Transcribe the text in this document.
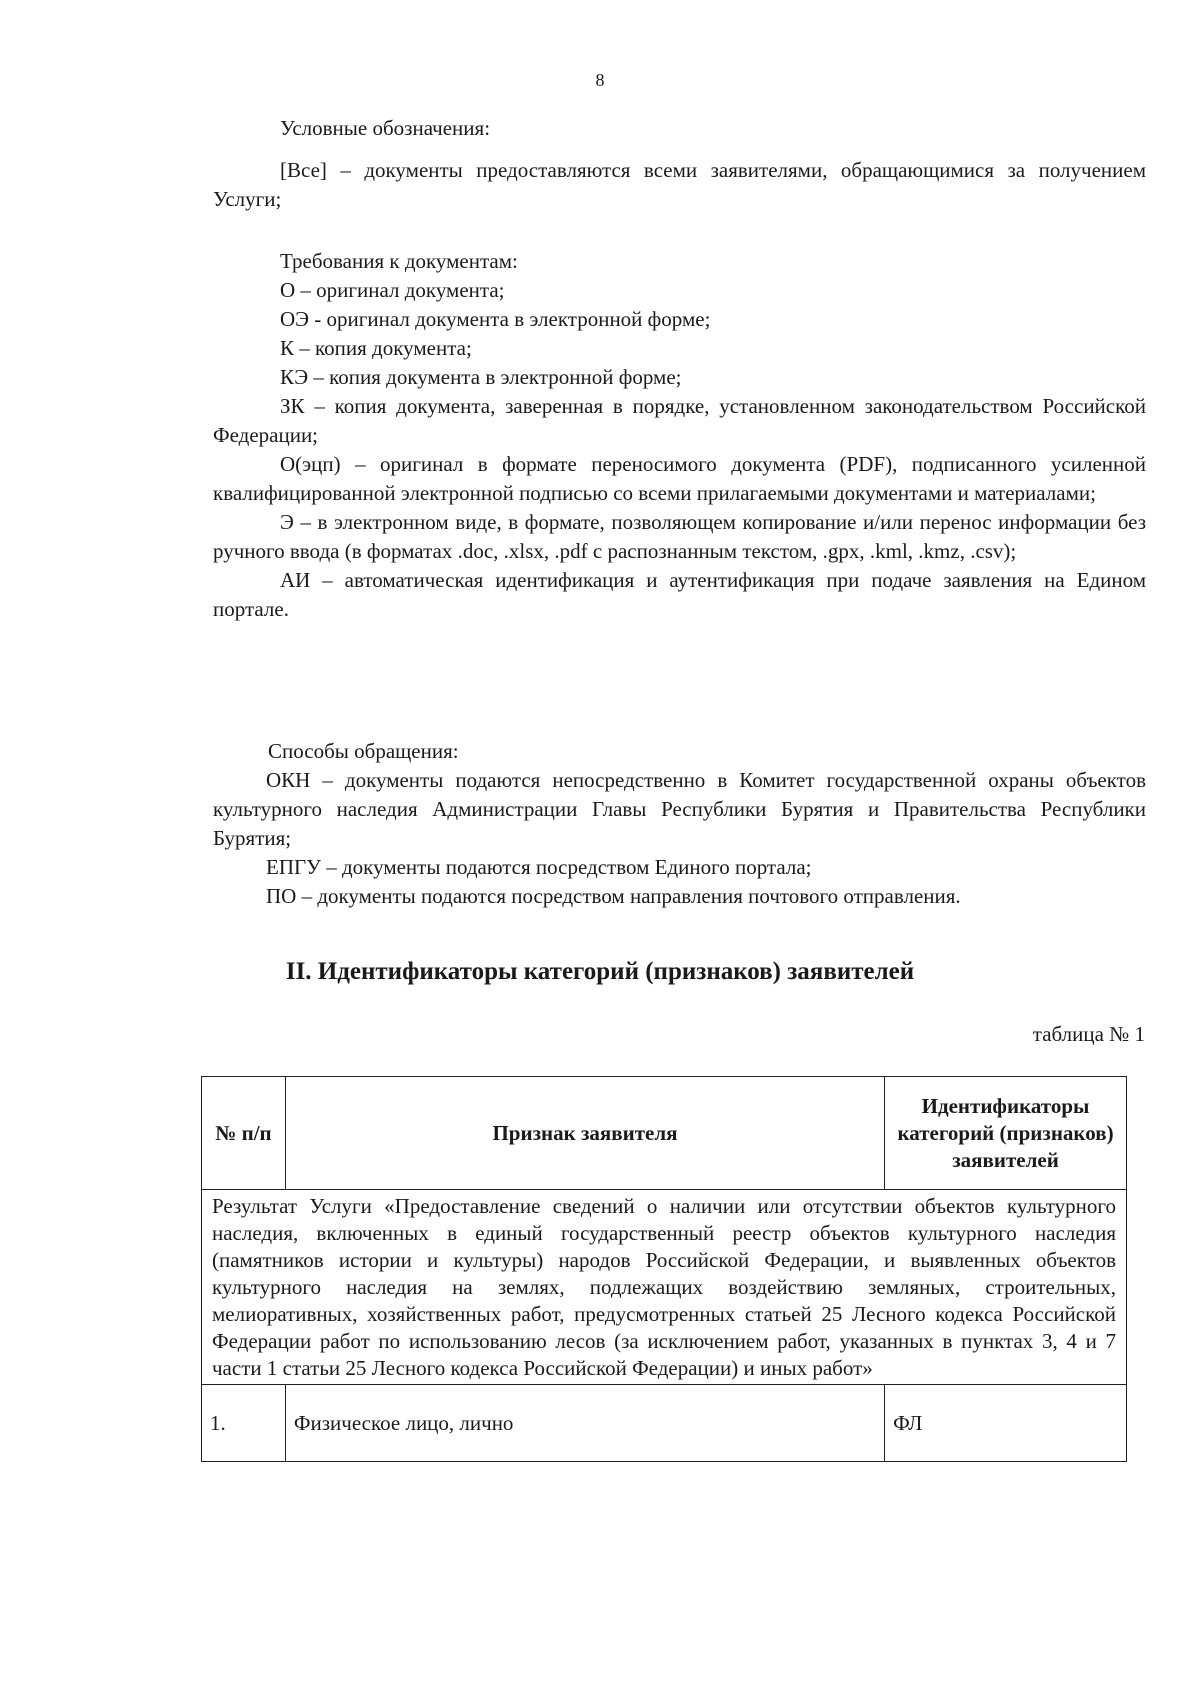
8

Условные обозначения:

[Все] – документы предоставляются всеми заявителями, обращающимися за получением Услуги;

Требования к документам:

О – оригинал документа;

ОЭ - оригинал документа в электронной форме;

К – копия документа;

КЭ – копия документа в электронной форме;

ЗК – копия документа, заверенная в порядке, установленном законодательством Российской Федерации;

О(эцп) – оригинал в формате переносимого документа (PDF), подписанного усиленной квалифицированной электронной подписью со всеми прилагаемыми документами и материалами;

Э – в электронном виде, в формате, позволяющем копирование и/или перенос информации без ручного ввода (в форматах .doc, .xlsx, .pdf с распознанным текстом, .gpx, .kml, .kmz, .csv);

АИ – автоматическая идентификация и аутентификация при подаче заявления на Едином портале.

Способы обращения:

ОКН – документы подаются непосредственно в Комитет государственной охраны объектов культурного наследия Администрации Главы Республики Бурятия и Правительства Республики Бурятия;

ЕПГУ – документы подаются посредством Единого портала;

ПО – документы подаются посредством направления почтового отправления.

II. Идентификаторы категорий (признаков) заявителей
таблица № 1
№ п/п	Признак заявителя	Идентификаторы категорий (признаков) заявителей
Результат Услуги «Предоставление сведений о наличии или отсутствии объектов культурного наследия, включенных в единый государственный реестр объектов культурного наследия (памятников истории и культуры) народов Российской Федерации, и выявленных объектов культурного наследия на землях, подлежащих воздействию земляных, строительных, мелиоративных, хозяйственных работ, предусмотренных статьей 25 Лесного кодекса Российской Федерации работ по использованию лесов (за исключением работ, указанных в пунктах 3, 4 и 7 части 1 статьи 25 Лесного кодекса Российской Федерации) и иных работ»		
1.	Физическое лицо, лично	ФЛ
